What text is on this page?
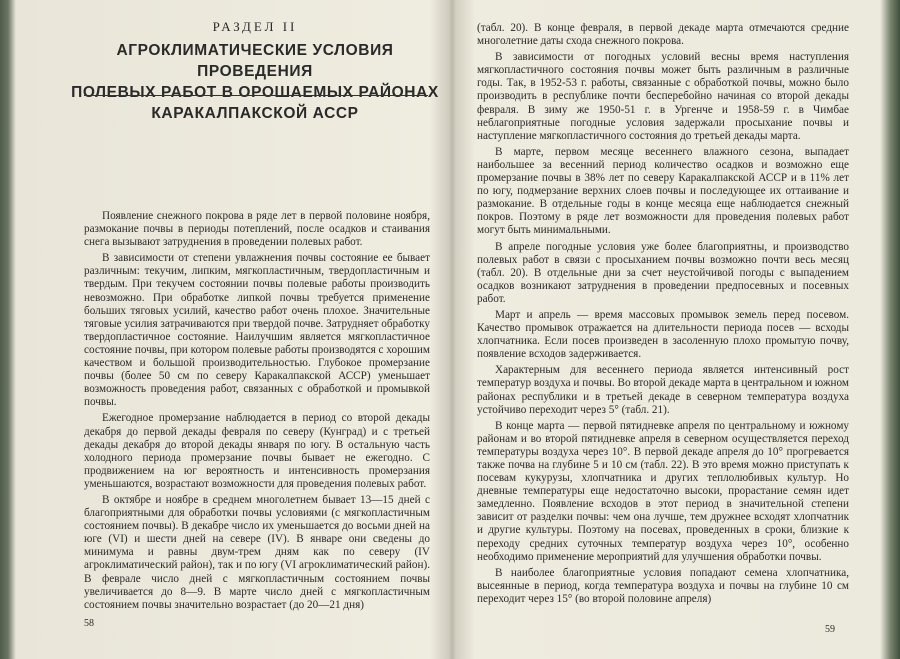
РАЗДЕЛ II
АГРОКЛИМАТИЧЕСКИЕ УСЛОВИЯ ПРОВЕДЕНИЯ
ПОЛЕВЫХ РАБОТ В ОРОШАЕМЫХ РАЙОНАХ
КАРАКАЛПАКСКОЙ АССР

Появление снежного покрова в ряде лет в первой половине ноября, размокание почвы в периоды потеплений, после осадков и стаивания снега вызывают затруднения в проведении полевых работ.

В зависимости от степени увлажнения почвы состояние ее бывает различным: текучим, липким, мягкопластичным, твердопластичным и твердым. При текучем состоянии почвы полевые работы производить невозможно. При обработке липкой почвы требуется применение больших тяговых усилий, качество работ очень плохое. Значительные тяговые усилия затрачиваются при твердой почве. Затрудняет обработку твердопластичное состояние. Наилучшим является мягкопластичное состояние почвы, при котором полевые работы производятся с хорошим качеством и большой производительностью. Глубокое промерзание почвы (более 50 см по северу Каракалпакской АССР) уменьшает возможность проведения работ, связанных с обработкой и промывкой почвы.

Ежегодное промерзание наблюдается в период со второй декады декабря до первой декады февраля по северу (Кунград) и с третьей декады декабря до второй декады января по югу. В остальную часть холодного периода промерзание почвы бывает не ежегодно. С продвижением на юг вероятность и интенсивность промерзания уменьшаются, возрастают возможности для проведения полевых работ.

В октябре и ноябре в среднем многолетнем бывает 13—15 дней с благоприятными для обработки почвы условиями (с мягкопластичным состоянием почвы). В декабре число их уменьшается до восьми дней на юге (VI) и шести дней на севере (IV). В январе они сведены до минимума и равны двум-трем дням как по северу (IV агроклиматический район), так и по югу (VI агроклиматический район). В феврале число дней с мягкопластичным состоянием почвы увеличивается до 8—9. В марте число дней с мягкопластичным состоянием почвы значительно возрастает (до 20—21 дня)

58

(табл. 20). В конце февраля, в первой декаде марта отмечаются средние многолетние даты схода снежного покрова.

В зависимости от погодных условий весны время наступления мягкопластичного состояния почвы может быть различным в различные годы. Так, в 1952-53 г. работы, связанные с обработкой почвы, можно было производить в республике почти бесперебойно начиная со второй декады февраля. В зиму же 1950-51 г. в Ургенче и 1958-59 г. в Чимбае неблагоприятные погодные условия задержали просыхание почвы и наступление мягкопластичного состояния до третьей декады марта.

В марте, первом месяце весеннего влажного сезона, выпадает наибольшее за весенний период количество осадков и возможно еще промерзание почвы в 38% лет по северу Каракалпакской АССР и в 11% лет по югу, подмерзание верхних слоев почвы и последующее их оттаивание и размокание. В отдельные годы в конце месяца еще наблюдается снежный покров. Поэтому в ряде лет возможности для проведения полевых работ могут быть минимальными.

В апреле погодные условия уже более благоприятны, и производство полевых работ в связи с просыханием почвы возможно почти весь месяц (табл. 20). В отдельные дни за счет неустойчивой погоды с выпадением осадков возникают затруднения в проведении предпосевных и посевных работ.

Март и апрель — время массовых промывок земель перед посевом. Качество промывок отражается на длительности периода посев — всходы хлопчатника. Если посев произведен в засоленную плохо промытую почву, появление всходов задерживается.

Характерным для весеннего периода является интенсивный рост температур воздуха и почвы. Во второй декаде марта в центральном и южном районах республики и в третьей декаде в северном температура воздуха устойчиво переходит через 5° (табл. 21).

В конце марта — первой пятидневке апреля по центральному и южному районам и во второй пятидневке апреля в северном осуществляется переход температуры воздуха через 10°. В первой декаде апреля до 10° прогревается также почва на глубине 5 и 10 см (табл. 22). В это время можно приступать к посевам кукурузы, хлопчатника и других теплолюбивых культур. Но дневные температуры еще недостаточно высоки, прорастание семян идет замедленно. Появление всходов в этот период в значительной степени зависит от разделки почвы: чем она лучше, тем дружнее всходят хлопчатник и другие культуры. Поэтому на посевах, проведенных в сроки, близкие к переходу средних суточных температур воздуха через 10°, особенно необходимо применение мероприятий для улучшения обработки почвы.

В наиболее благоприятные условия попадают семена хлопчатника, высеянные в период, когда температура воздуха и почвы на глубине 10 см переходит через 15° (во второй половине апреля)

59
